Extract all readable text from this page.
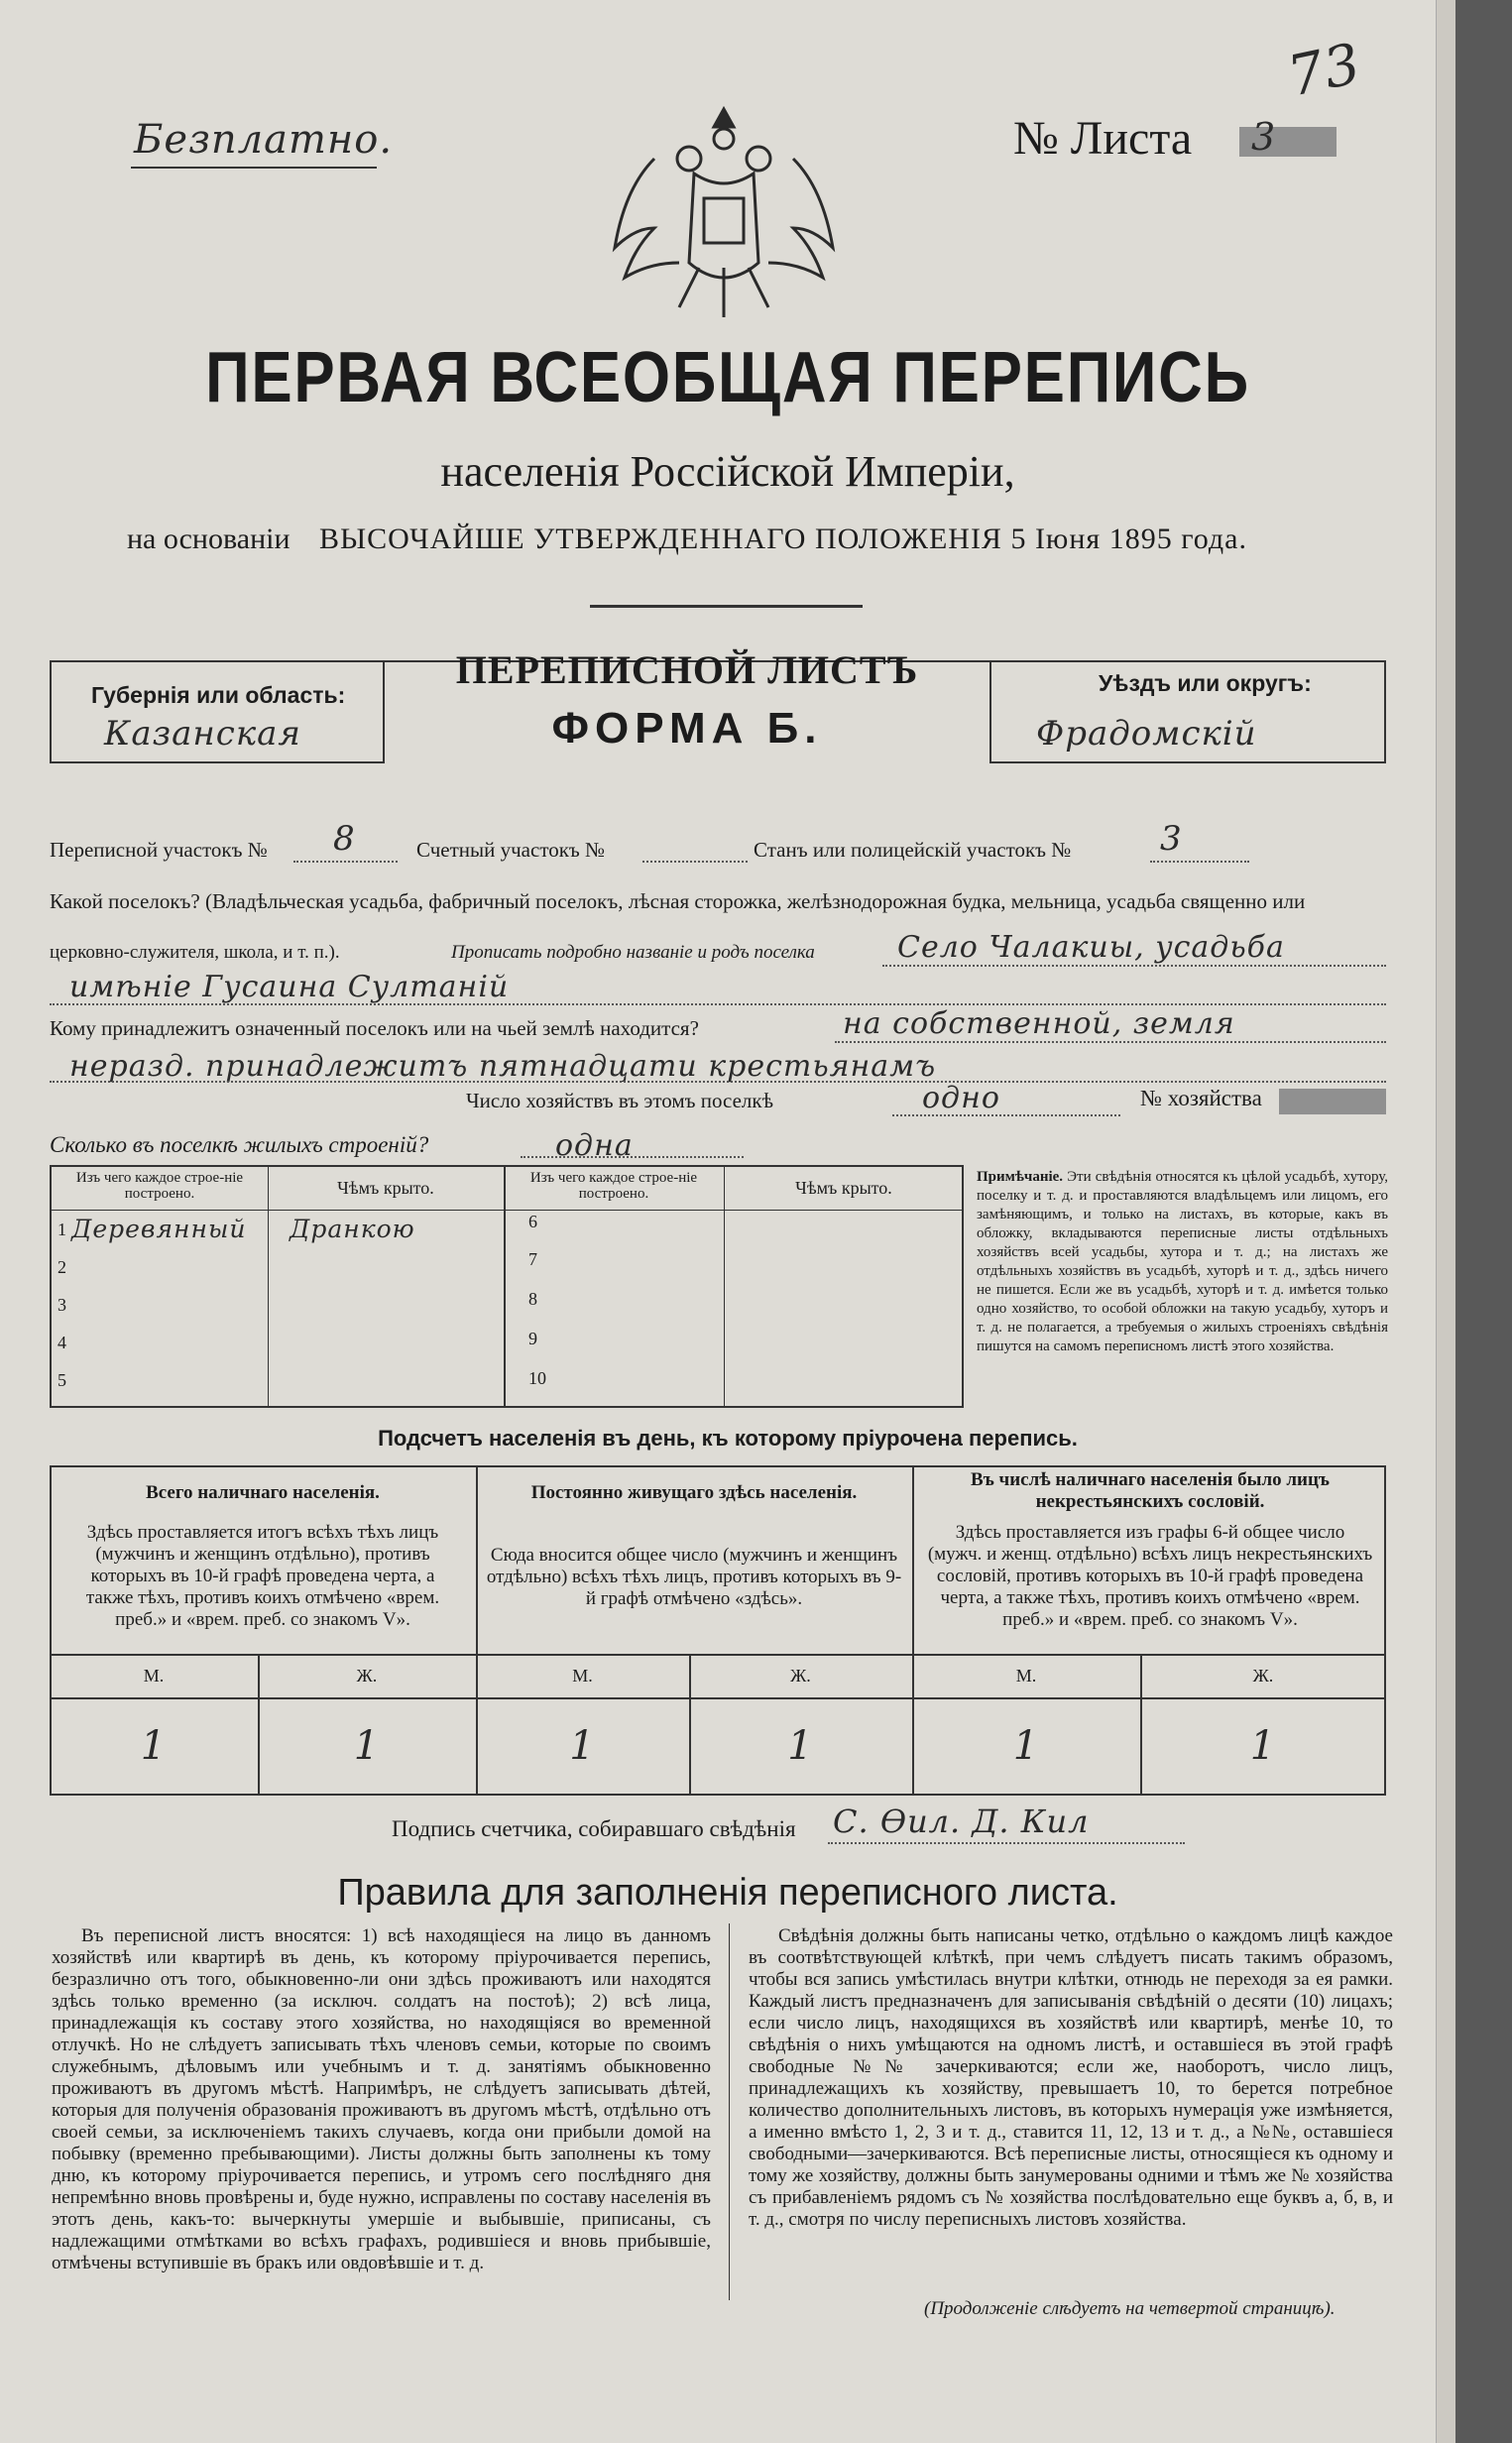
73
Безплатно.	№ Листа 3
ПЕРВАЯ ВСЕОБЩАЯ ПЕРЕПИСЬ
населенія Россійской Имперіи,
на основаніи ВЫСОЧАЙШЕ УТВЕРЖДЕННАГО ПОЛОЖЕНІЯ 5 Іюня 1895 года.
Губернія или область:
Казанская
ПЕРЕПИСНОЙ ЛИСТЪ
ФОРМА Б.
Уѣздъ или округъ:
Фрадомскій
Переписной участокъ № 8	Счетный участокъ №	Станъ или полицейскій участокъ №	3
Какой поселокъ? (Владѣльческая усадьба, фабричный поселокъ, лѣсная сторожка, желѣзнодорожная будка, мельница, усадьба священно или
церковно-служителя, школа, и т. п.).	Прописать подробно названіе и родъ поселка	Село Чалакиы, усадьба
имѣніе Гусаина Султаній
Кому принадлежитъ означенный поселокъ или на чьей землѣ находится?	на собственной, земля
неразд. принадлежитъ пятнадцати крестьянамъ
Число хозяйствъ въ этомъ поселкѣ	одно	№ хозяйства
Сколько въ поселкѣ жилыхъ строеній?	одна
Изъ чего каждое строе-ніе построено.	Чѣмъ крыто.	Изъ чего каждое строе-ніе построено.	Чѣмъ крыто.
1 Деревянный Дранкою
2
3
4
5
6
7
8
9
10
Примѣчаніе. Эти свѣдѣнія относятся къ цѣлой усадьбѣ, хутору, поселку и т. д. и проставляются владѣльцемъ или лицомъ, его замѣняющимъ, и только на листахъ, въ которые, какъ въ обложку, вкладываются переписные листы отдѣльныхъ хозяйствъ всей усадьбы, хутора и т. д.; на листахъ же отдѣльныхъ хозяйствъ въ усадьбѣ, хуторѣ и т. д., здѣсь ничего не пишется. Если же въ усадьбѣ, хуторѣ и т. д. имѣется только одно хозяйство, то особой обложки на такую усадьбу, хуторъ и т. д. не полагается, а требуемыя о жилыхъ строеніяхъ свѣдѣнія пишутся на самомъ переписномъ листѣ этого хозяйства.
Подсчетъ населенія въ день, къ которому пріурочена перепись.
Всего наличнаго населенія.
Здѣсь проставляется итогъ всѣхъ тѣхъ лицъ (мужчинъ и женщинъ отдѣльно), противъ которыхъ въ 10-й графѣ проведена черта, а также тѣхъ, противъ коихъ отмѣчено «врем. преб.» и «врем. преб. со знакомъ V».
Постоянно живущаго здѣсь населенія.
Сюда вносится общее число (мужчинъ и женщинъ отдѣльно) всѣхъ тѣхъ лицъ, противъ которыхъ въ 9-й графѣ отмѣчено «здѣсь».
Въ числѣ наличнаго населенія было лицъ некрестьянскихъ сословій.
Здѣсь проставляется изъ графы 6-й общее число (мужч. и женщ. отдѣльно) всѣхъ лицъ некрестьянскихъ сословій, противъ которыхъ въ 10-й графѣ проведена черта, а также тѣхъ, противъ коихъ отмѣчено «врем. преб.» и «врем. преб. со знакомъ V».
М.	Ж.	М.	Ж.	М.	Ж.
1	1	1	1	1	1
Подпись счетчика, собиравшаго свѣдѣнія С. Ѳил. Д. Кил
Правила для заполненія переписного листа.
Въ переписной листъ вносятся: 1) всѣ находящіеся на лицо въ данномъ хозяйствѣ или квартирѣ въ день, къ которому пріурочивается перепись, безразлично отъ того, обыкновенно-ли они здѣсь проживаютъ или находятся здѣсь только временно (за исключ. солдатъ на постоѣ); 2) всѣ лица, принадлежащія къ составу этого хозяйства, но находящіяся во временной отлучкѣ. Но не слѣдуетъ записывать тѣхъ членовъ семьи, которые по своимъ служебнымъ, дѣловымъ или учебнымъ и т. д. занятіямъ обыкновенно проживаютъ въ другомъ мѣстѣ. Напримѣръ, не слѣдуетъ записывать дѣтей, которыя для полученія образованія проживаютъ въ другомъ мѣстѣ, отдѣльно отъ своей семьи, за исключеніемъ такихъ случаевъ, когда они прибыли домой на побывку (временно пребывающими). Листы должны быть заполнены къ тому дню, къ которому пріурочивается перепись, и утромъ сего послѣдняго дня непремѣнно вновь провѣрены и, буде нужно, исправлены по составу населенія въ этотъ день, какъ-то: вычеркнуты умершіе и выбывшіе, приписаны, съ надлежащими отмѣтками во всѣхъ графахъ, родившіеся и вновь прибывшіе, отмѣчены вступившіе въ бракъ или овдовѣвшіе и т. д.
Свѣдѣнія должны быть написаны четко, отдѣльно о каждомъ лицѣ каждое въ соотвѣтствующей клѣткѣ, при чемъ слѣдуетъ писать такимъ образомъ, чтобы вся запись умѣстилась внутри клѣтки, отнюдь не переходя за ея рамки. Каждый листъ предназначенъ для записыванія свѣдѣній о десяти (10) лицахъ; если число лицъ, находящихся въ хозяйствѣ или квартирѣ, менѣе 10, то свѣдѣнія о нихъ умѣщаются на одномъ листѣ, и оставшіеся въ этой графѣ свободные №№ зачеркиваются; если же, наоборотъ, число лицъ, принадлежащихъ къ хозяйству, превышаетъ 10, то берется потребное количество дополнительныхъ листовъ, въ которыхъ нумерація уже измѣняется, а именно вмѣсто 1, 2, 3 и т. д., ставится 11, 12, 13 и т. д., а №№, оставшіеся свободными—зачеркиваются. Всѣ переписные листы, относящіеся къ одному и тому же хозяйству, должны быть занумерованы одними и тѣмъ же № хозяйства съ прибавленіемъ рядомъ съ № хозяйства послѣдовательно еще буквъ а, б, в, и т. д., смотря по числу переписныхъ листовъ хозяйства.
(Продолженіе слѣдуетъ на четвертой страницѣ).
